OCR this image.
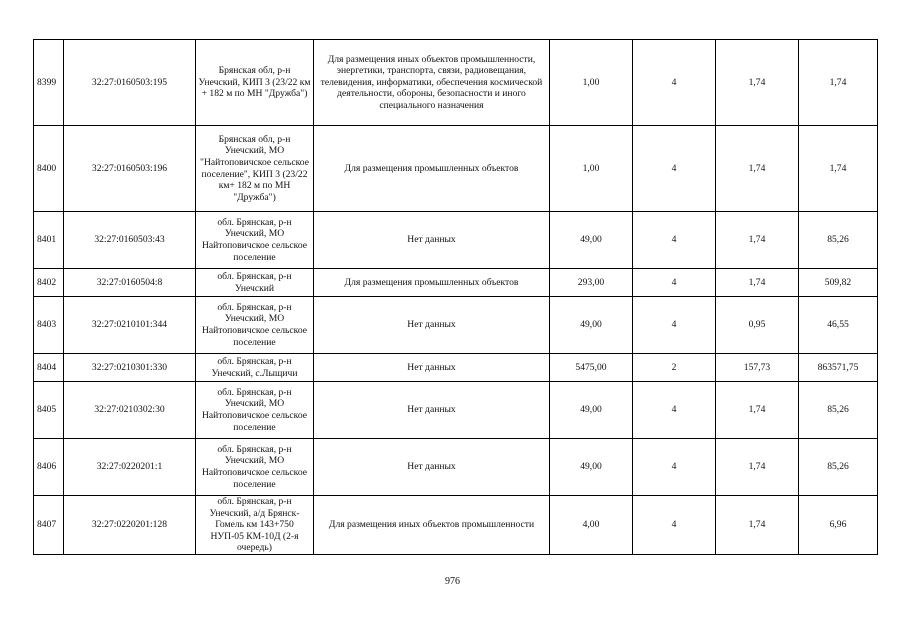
8399	32:27:0160503:195	Брянская обл, р-н Унечский, КИП 3 (23/22 км + 182 м по МН "Дружба")	Для размещения иных объектов промышленности, энергетики, транспорта, связи, радиовещания, телевидения, информатики, обеспечения космической деятельности, обороны, безопасности и иного специального назначения	1,00	4	1,74	1,74
8400	32:27:0160503:196	Брянская обл, р-н Унечский, МО "Найтоповичское сельское поселение", КИП 3 (23/22 км+ 182 м по МН "Дружба")	Для размещения промышленных объектов	1,00	4	1,74	1,74
8401	32:27:0160503:43	обл. Брянская, р-н Унечский, МО Найтоповичское сельское поселение	Нет данных	49,00	4	1,74	85,26
8402	32:27:0160504:8	обл. Брянская, р-н Унечский	Для размещения промышленных объектов	293,00	4	1,74	509,82
8403	32:27:0210101:344	обл. Брянская, р-н Унечский, МО Найтоповичское сельское поселение	Нет данных	49,00	4	0,95	46,55
8404	32:27:0210301:330	обл. Брянская, р-н Унечский, с.Лыщичи	Нет данных	5475,00	2	157,73	863571,75
8405	32:27:0210302:30	обл. Брянская, р-н Унечский, МО Найтоповичское сельское поселение	Нет данных	49,00	4	1,74	85,26
8406	32:27:0220201:1	обл. Брянская, р-н Унечский, МО Найтоповичское сельское поселение	Нет данных	49,00	4	1,74	85,26
8407	32:27:0220201:128	обл. Брянская, р-н Унечский, а/д Брянск-Гомель км 143+750 НУП-05 КМ-10Д (2-я очередь)	Для размещения иных объектов промышленности	4,00	4	1,74	6,96
976
